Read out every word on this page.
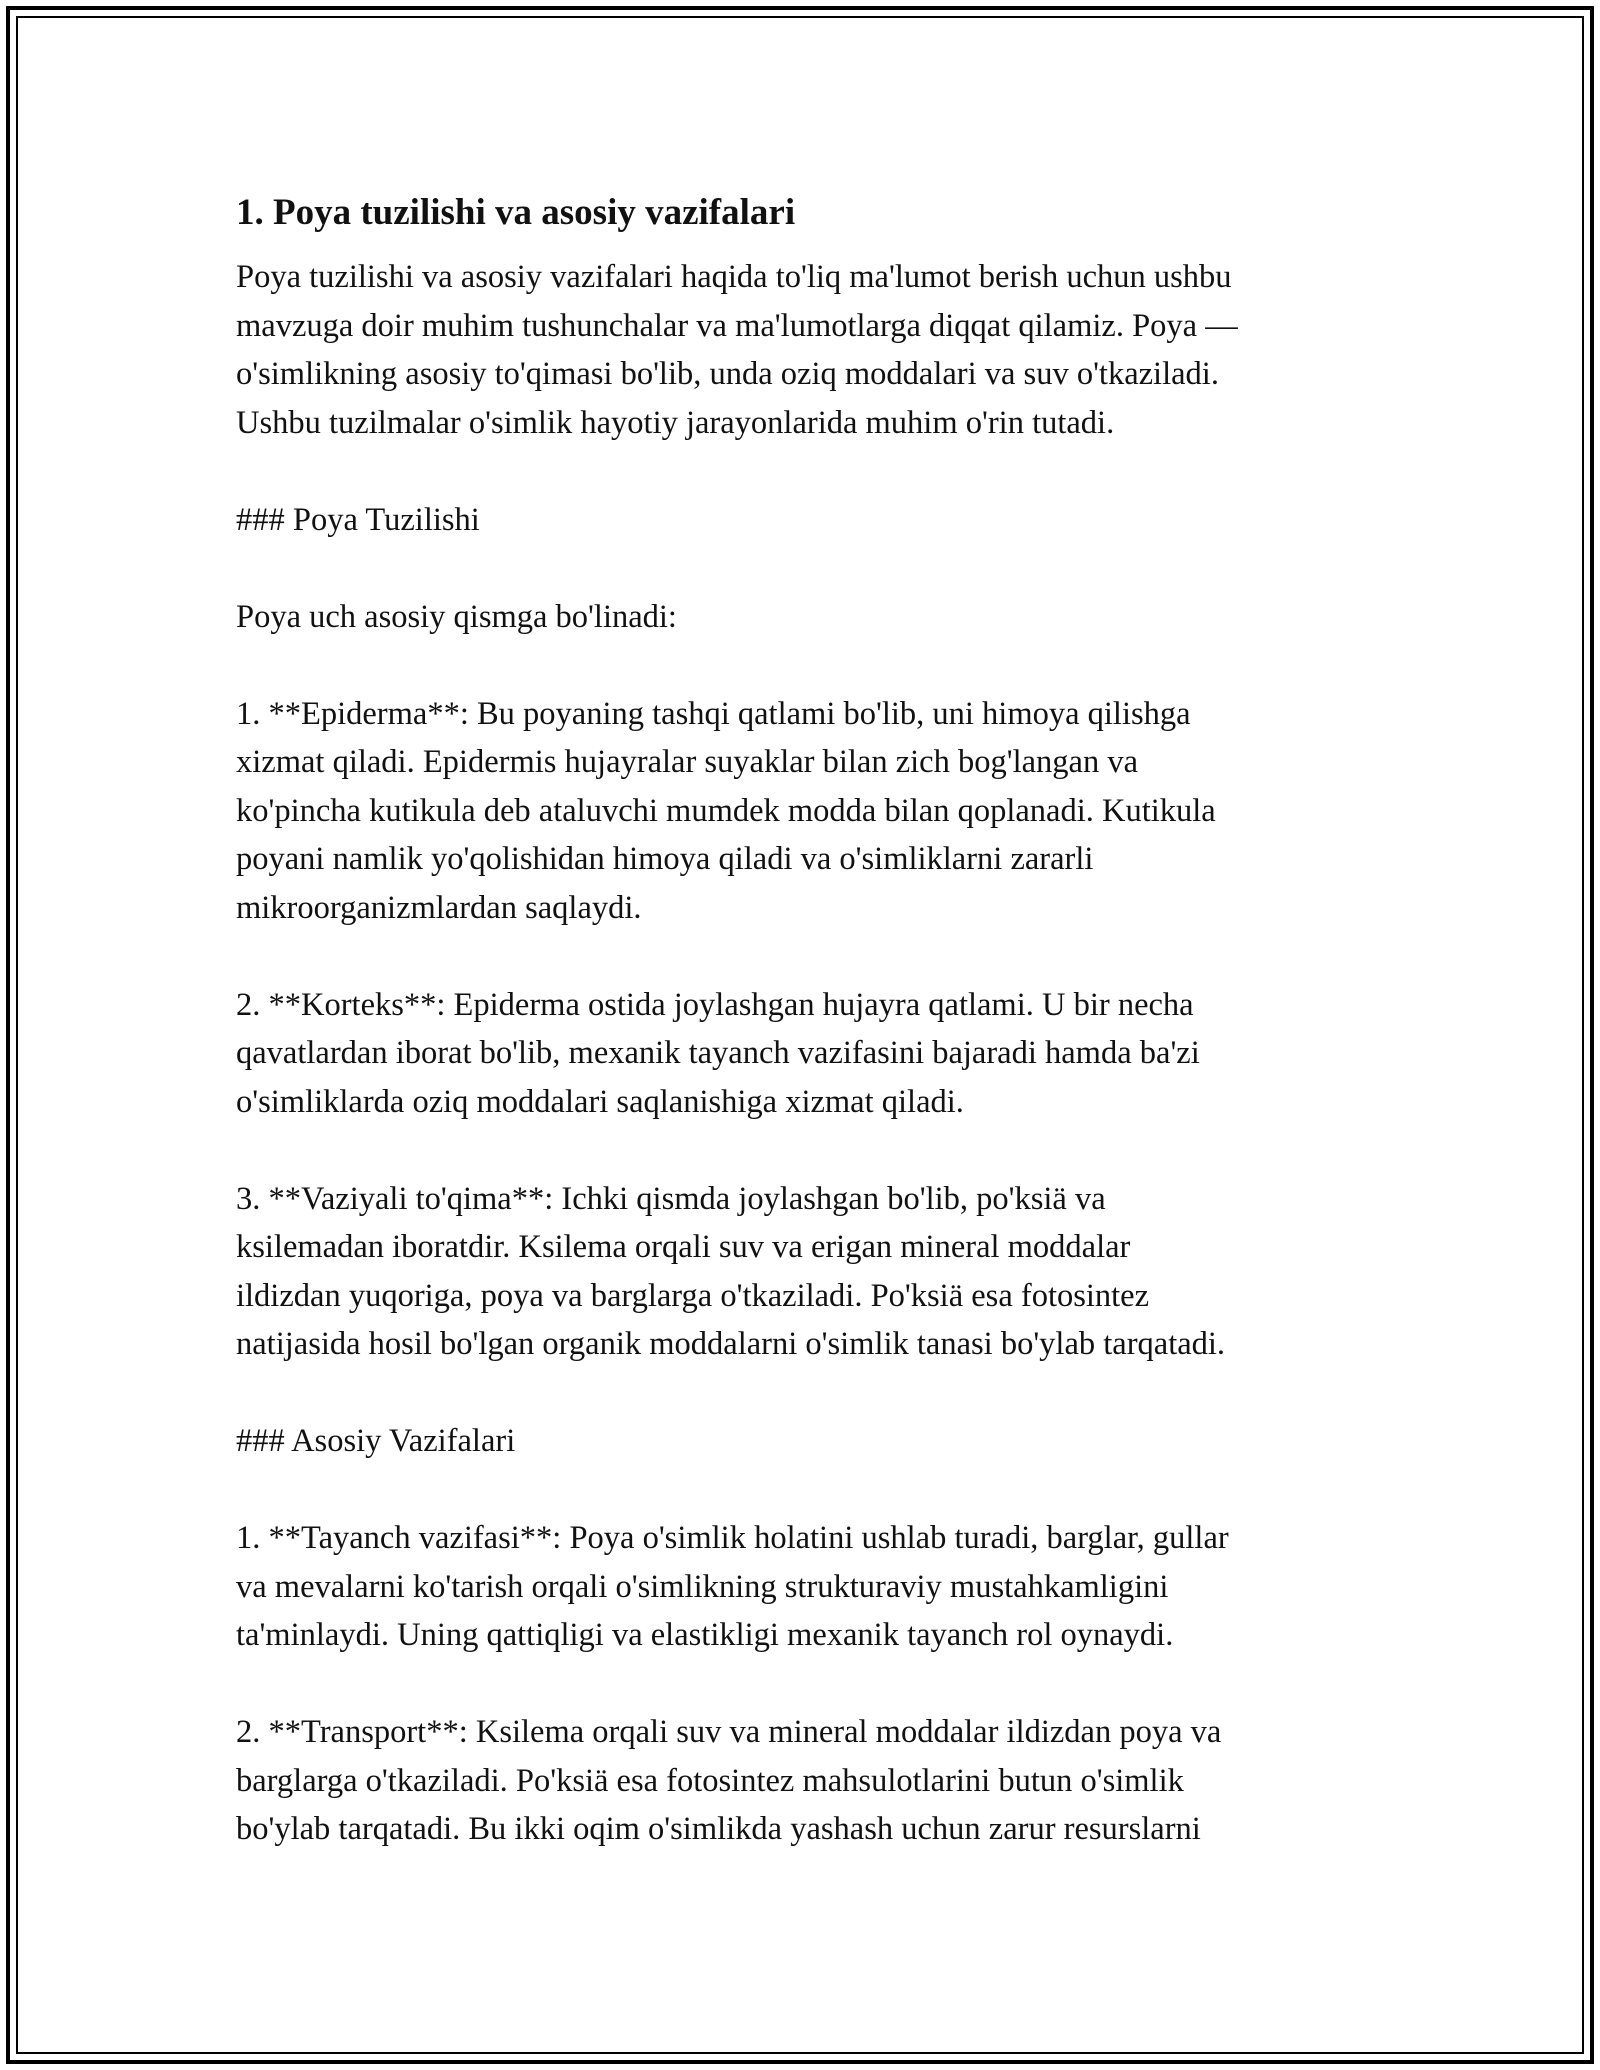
1. Poya tuzilishi va asosiy vazifalari

Poya tuzilishi va asosiy vazifalari haqida to'liq ma'lumot berish uchun ushbu
mavzuga doir muhim tushunchalar va ma'lumotlarga diqqat qilamiz. Poya —
o'simlikning asosiy to'qimasi bo'lib, unda oziq moddalari va suv o'tkaziladi.
Ushbu tuzilmalar o'simlik hayotiy jarayonlarida muhim o'rin tutadi.

### Poya Tuzilishi

Poya uch asosiy qismga bo'linadi:

1. **Epiderma**: Bu poyaning tashqi qatlami bo'lib, uni himoya qilishga
xizmat qiladi. Epidermis hujayralar suyaklar bilan zich bog'langan va
ko'pincha kutikula deb ataluvchi mumdek modda bilan qoplanadi. Kutikula
poyani namlik yo'qolishidan himoya qiladi va o'simliklarni zararli
mikroorganizmlardan saqlaydi.

2. **Korteks**: Epiderma ostida joylashgan hujayra qatlami. U bir necha
qavatlardan iborat bo'lib, mexanik tayanch vazifasini bajaradi hamda ba'zi
o'simliklarda oziq moddalari saqlanishiga xizmat qiladi.

3. **Vaziyali to'qima**: Ichki qismda joylashgan bo'lib, po'ksiä va
ksilemadan iboratdir. Ksilema orqali suv va erigan mineral moddalar
ildizdan yuqoriga, poya va barglarga o'tkaziladi. Po'ksiä esa fotosintez
natijasida hosil bo'lgan organik moddalarni o'simlik tanasi bo'ylab tarqatadi.

### Asosiy Vazifalari

1. **Tayanch vazifasi**: Poya o'simlik holatini ushlab turadi, barglar, gullar
va mevalarni ko'tarish orqali o'simlikning strukturaviy mustahkamligini
ta'minlaydi. Uning qattiqligi va elastikligi mexanik tayanch rol oynaydi.

2. **Transport**: Ksilema orqali suv va mineral moddalar ildizdan poya va
barglarga o'tkaziladi. Po'ksiä esa fotosintez mahsulotlarini butun o'simlik
bo'ylab tarqatadi. Bu ikki oqim o'simlikda yashash uchun zarur resurslarni
